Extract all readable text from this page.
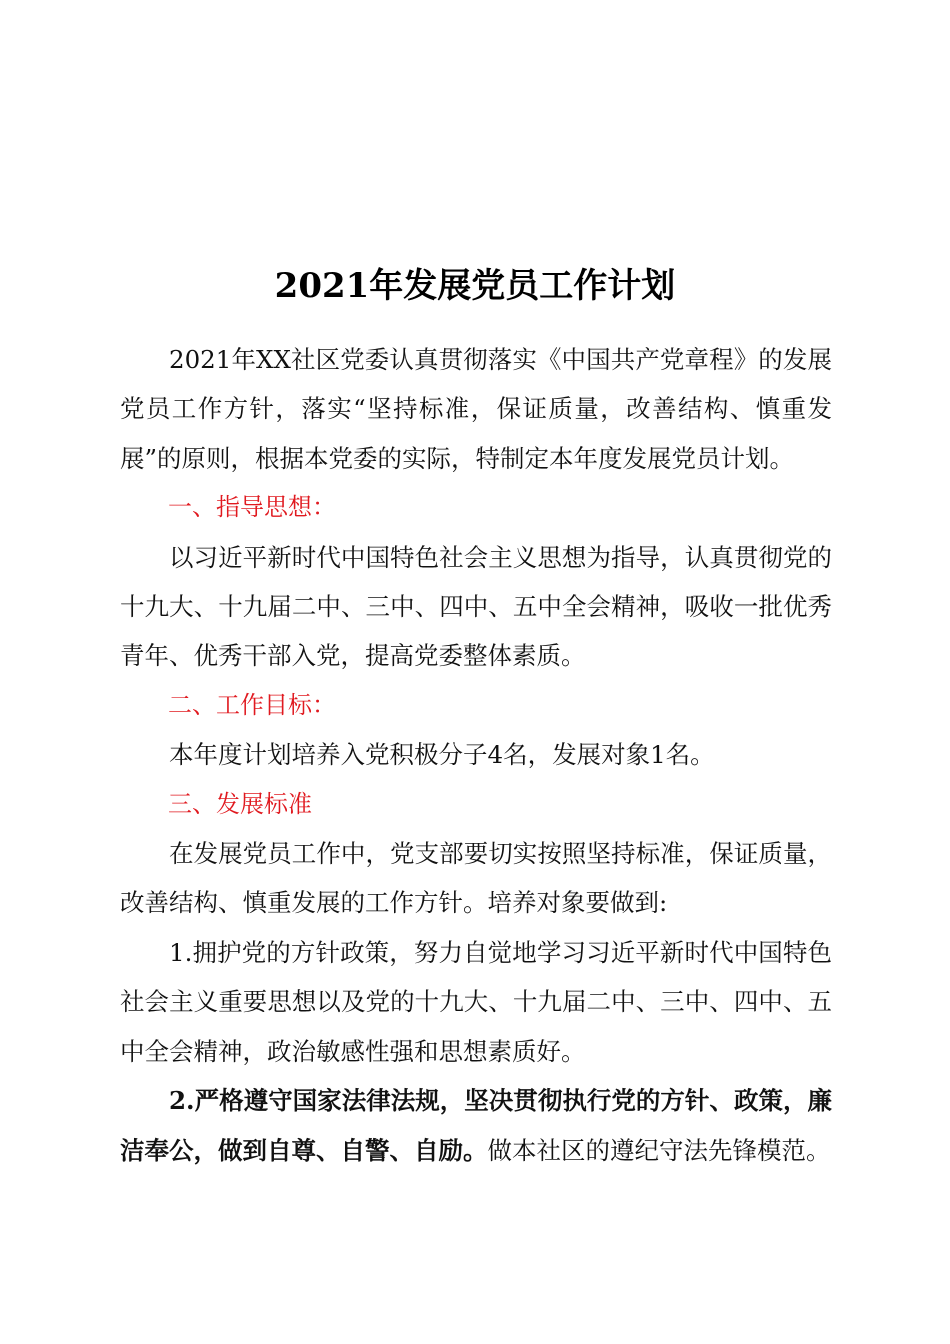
2021年发展党员工作计划

2021年XX社区党委认真贯彻落实《中国共产党章程》的发展党员工作方针，落实“坚持标准，保证质量，改善结构、慎重发展”的原则，根据本党委的实际，特制定本年度发展党员计划。

一、指导思想：

以习近平新时代中国特色社会主义思想为指导，认真贯彻党的十九大、十九届二中、三中、四中、五中全会精神，吸收一批优秀青年、优秀干部入党，提高党委整体素质。

二、工作目标：

本年度计划培养入党积极分子4名，发展对象1名。

三、发展标准

在发展党员工作中，党支部要切实按照坚持标准，保证质量，改善结构、慎重发展的工作方针。培养对象要做到:

1.拥护党的方针政策，努力自觉地学习习近平新时代中国特色社会主义重要思想以及党的十九大、十九届二中、三中、四中、五中全会精神，政治敏感性强和思想素质好。

2.严格遵守国家法律法规，坚决贯彻执行党的方针、政策，廉洁奉公，做到自尊、自警、自励。做本社区的遵纪守法先锋模范。
